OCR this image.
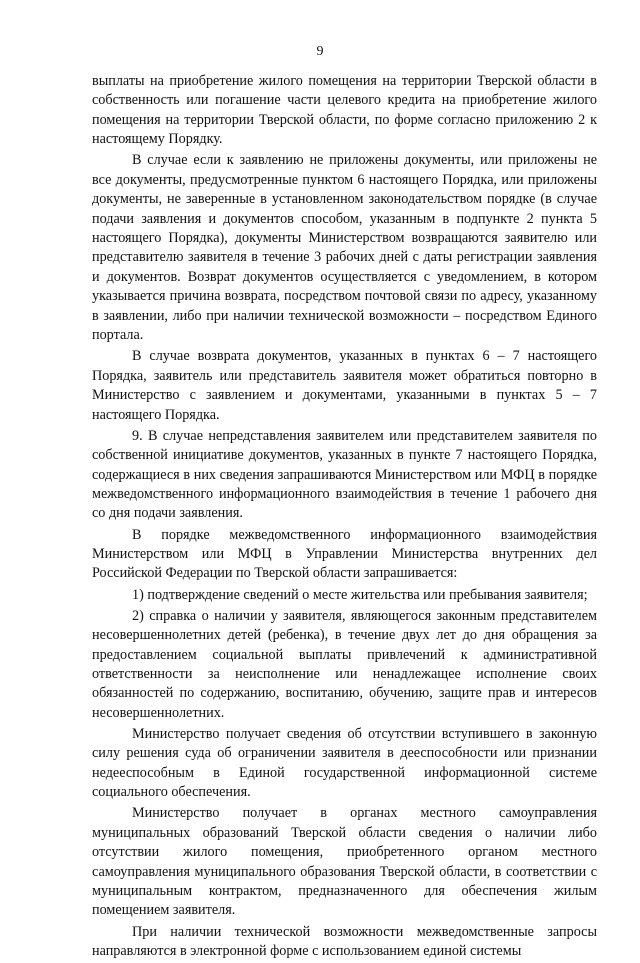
9

выплаты на приобретение жилого помещения на территории Тверской области в собственность или погашение части целевого кредита на приобретение жилого помещения на территории Тверской области, по форме согласно приложению 2 к настоящему Порядку.

В случае если к заявлению не приложены документы, или приложены не все документы, предусмотренные пунктом 6 настоящего Порядка, или приложены документы, не заверенные в установленном законодательством порядке (в случае подачи заявления и документов способом, указанным в подпункте 2 пункта 5 настоящего Порядка), документы Министерством возвращаются заявителю или представителю заявителя в течение 3 рабочих дней с даты регистрации заявления и документов. Возврат документов осуществляется с уведомлением, в котором указывается причина возврата, посредством почтовой связи по адресу, указанному в заявлении, либо при наличии технической возможности – посредством Единого портала.

В случае возврата документов, указанных в пунктах 6 – 7 настоящего Порядка, заявитель или представитель заявителя может обратиться повторно в Министерство с заявлением и документами, указанными в пунктах 5 – 7 настоящего Порядка.

9. В случае непредставления заявителем или представителем заявителя по собственной инициативе документов, указанных в пункте 7 настоящего Порядка, содержащиеся в них сведения запрашиваются Министерством или МФЦ в порядке межведомственного информационного взаимодействия в течение 1 рабочего дня со дня подачи заявления.

В порядке межведомственного информационного взаимодействия Министерством или МФЦ в Управлении Министерства внутренних дел Российской Федерации по Тверской области запрашивается:

1) подтверждение сведений о месте жительства или пребывания заявителя;

2) справка о наличии у заявителя, являющегося законным представителем несовершеннолетних детей (ребенка), в течение двух лет до дня обращения за предоставлением социальной выплаты привлечений к административной ответственности за неисполнение или ненадлежащее исполнение своих обязанностей по содержанию, воспитанию, обучению, защите прав и интересов несовершеннолетних.

Министерство получает сведения об отсутствии вступившего в законную силу решения суда об ограничении заявителя в дееспособности или признании недееспособным в Единой государственной информационной системе социального обеспечения.

Министерство получает в органах местного самоуправления муниципальных образований Тверской области сведения о наличии либо отсутствии жилого помещения, приобретенного органом местного самоуправления муниципального образования Тверской области, в соответствии с муниципальным контрактом, предназначенного для обеспечения жилым помещением заявителя.

При наличии технической возможности межведомственные запросы направляются в электронной форме с использованием единой системы
